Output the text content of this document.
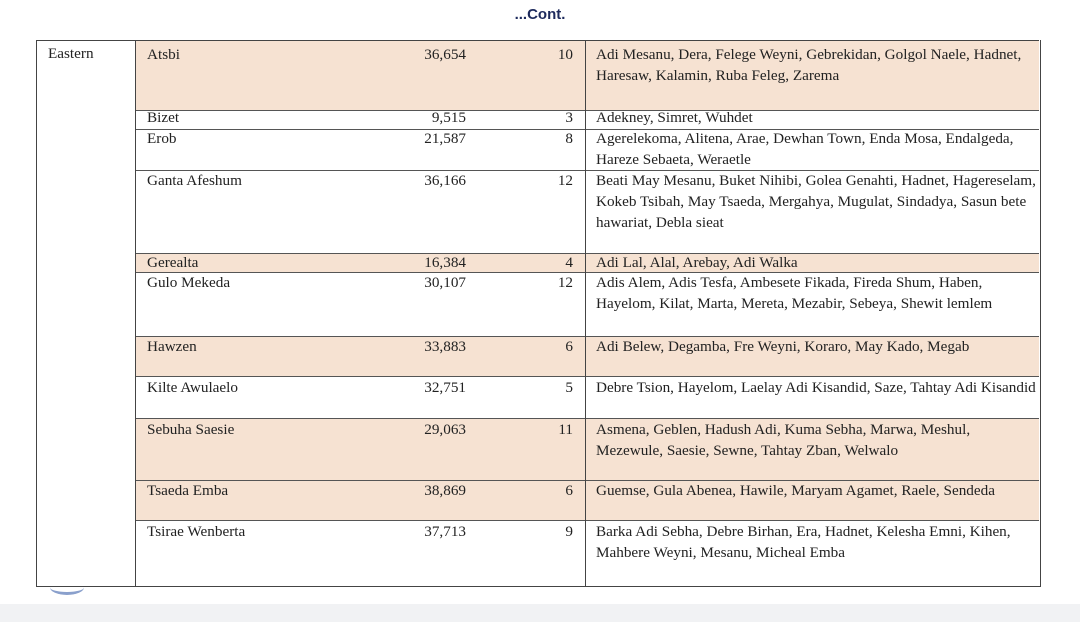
...Cont.
Eastern	Atsbi	36,654	10 Adi Mesanu, Dera, Felege Weyni, Gebrekidan, Golgol Naele, Hadnet, Haresaw, Kalamin, Ruba Feleg, Zarema
Bizet	9,515	3 Adekney, Simret, Wuhdet
Erob	21,587	8 Agerelekoma, Alitena, Arae, Dewhan Town, Enda Mosa, Endalgeda, Hareze Sebaeta, Weraetle
Ganta Afeshum	36,166	12 Beati May Mesanu, Buket Nihibi, Golea Genahti, Hadnet, Hagereselam, Kokeb Tsibah, May Tsaeda, Mergahya, Mugulat, Sindadya, Sasun bete hawariat, Debla sieat
Gerealta	16,384	4 Adi Lal, Alal, Arebay, Adi Walka
Gulo Mekeda	30,107	12 Adis Alem, Adis Tesfa, Ambesete Fikada, Fireda Shum, Haben, Hayelom, Kilat, Marta, Mereta, Mezabir, Sebeya, Shewit lemlem
Hawzen	33,883	6 Adi Belew, Degamba, Fre Weyni, Koraro, May Kado, Megab
Kilte Awulaelo	32,751	5 Debre Tsion, Hayelom, Laelay Adi Kisandid, Saze, Tahtay Adi Kisandid
Sebuha Saesie	29,063	11 Asmena, Geblen, Hadush Adi, Kuma Sebha, Marwa, Meshul, Mezewule, Saesie, Sewne, Tahtay Zban, Welwalo
Tsaeda Emba	38,869	6 Guemse, Gula Abenea, Hawile, Maryam Agamet, Raele, Sendeda
Tsirae Wenberta	37,713	9 Barka Adi Sebha, Debre Birhan, Era, Hadnet, Kelesha Emni, Kihen, Mahbere Weyni, Mesanu, Micheal Emba
